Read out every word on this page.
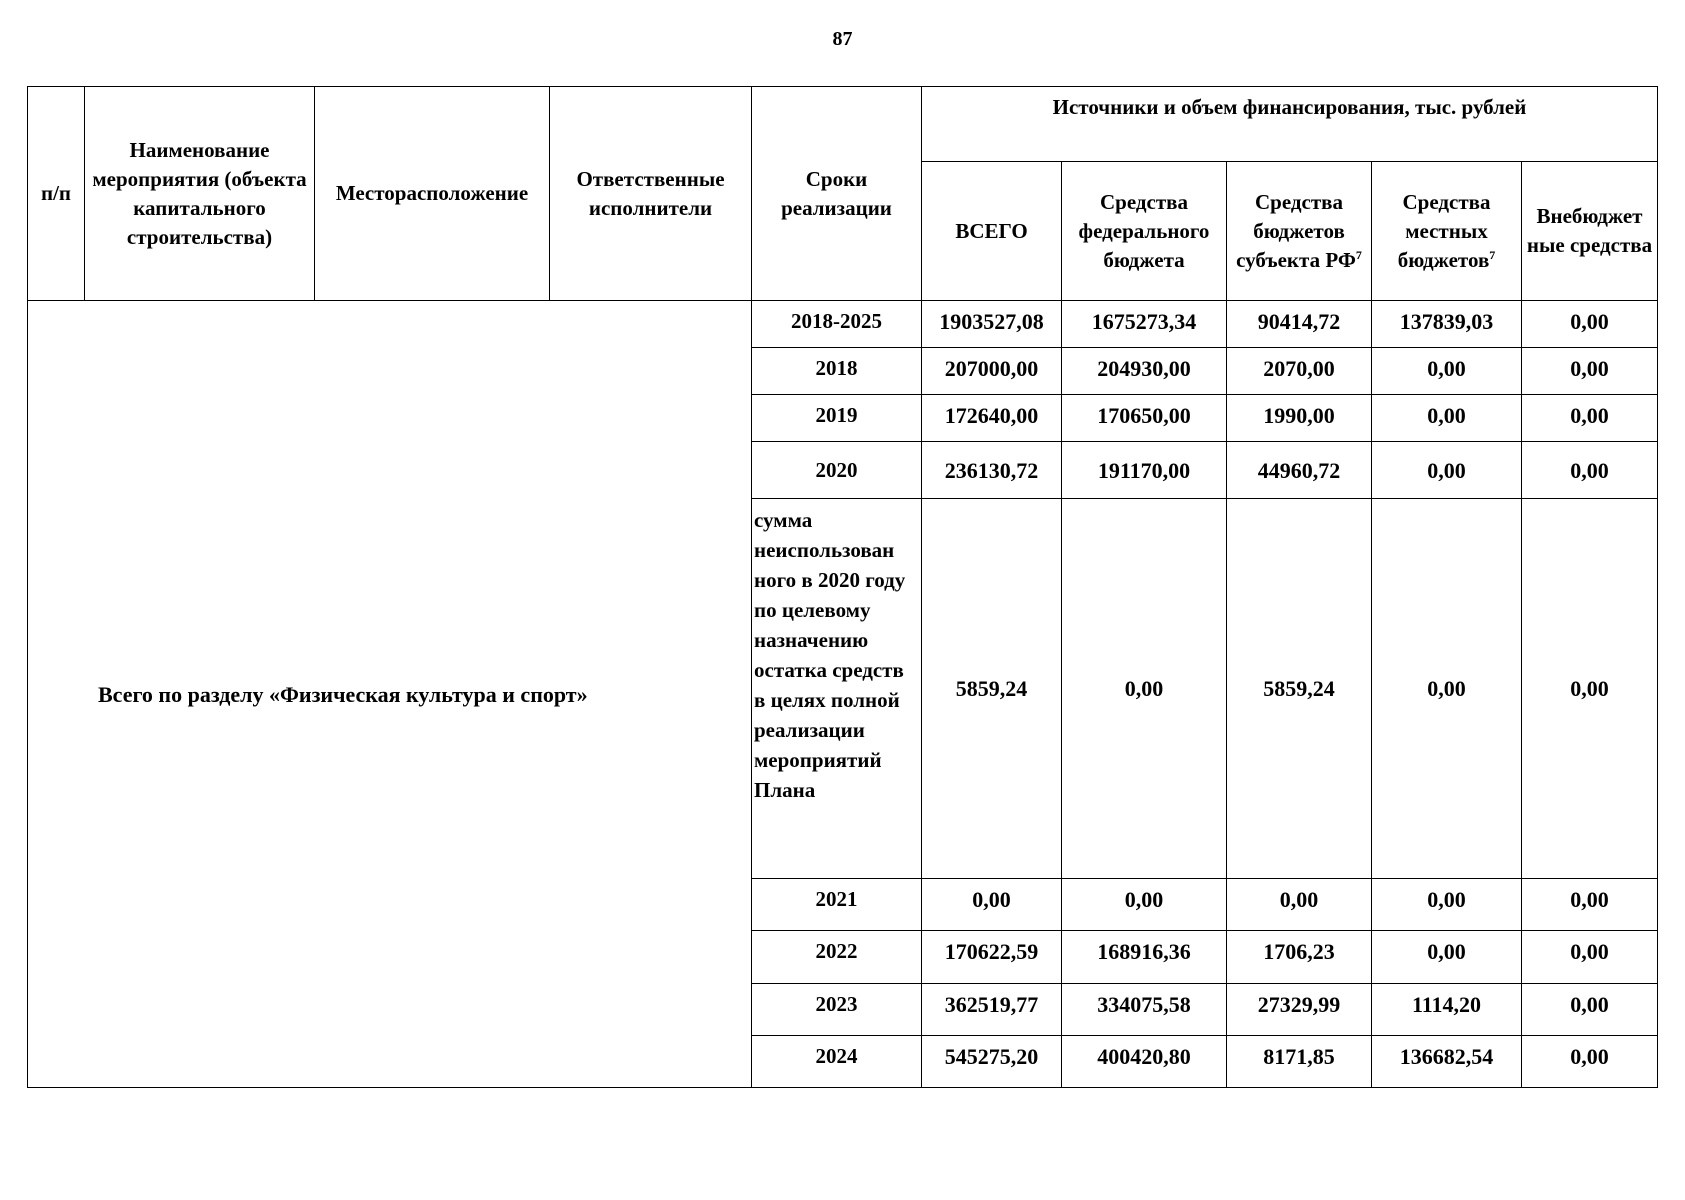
87
п/п	Наименование мероприятия (объекта капитального строительства)	Месторасположение	Ответственные исполнители	Сроки реализации	Источники и объем финансирования, тыс. рублей				
					ВСЕГО	Средства федерального бюджета	Средства бюджетов субъекта $РФ^7$	Средства местных бюджетов$^7$	Внебюджет ные средства
Всего по разделу «Физическая культура и спорт»				2018-2025	1903527,08	1675273,34	90414,72	137839,03	0,00
				2018	207000,00	204930,00	2070,00	0,00	0,00
				2019	172640,00	170650,00	1990,00	0,00	0,00
				2020	236130,72	191170,00	44960,72	0,00	0,00
				сумма неиспользован ного в 2020 году по целевому назначению остатка средств в целях полной реализации мероприятий Плана	5859,24	0,00	5859,24	0,00	0,00
				2021	0,00	0,00	0,00	0,00	0,00
				2022	170622,59	168916,36	1706,23	0,00	0,00
				2023	362519,77	334075,58	27329,99	1114,20	0,00
				2024	545275,20	400420,80	8171,85	136682,54	0,00
